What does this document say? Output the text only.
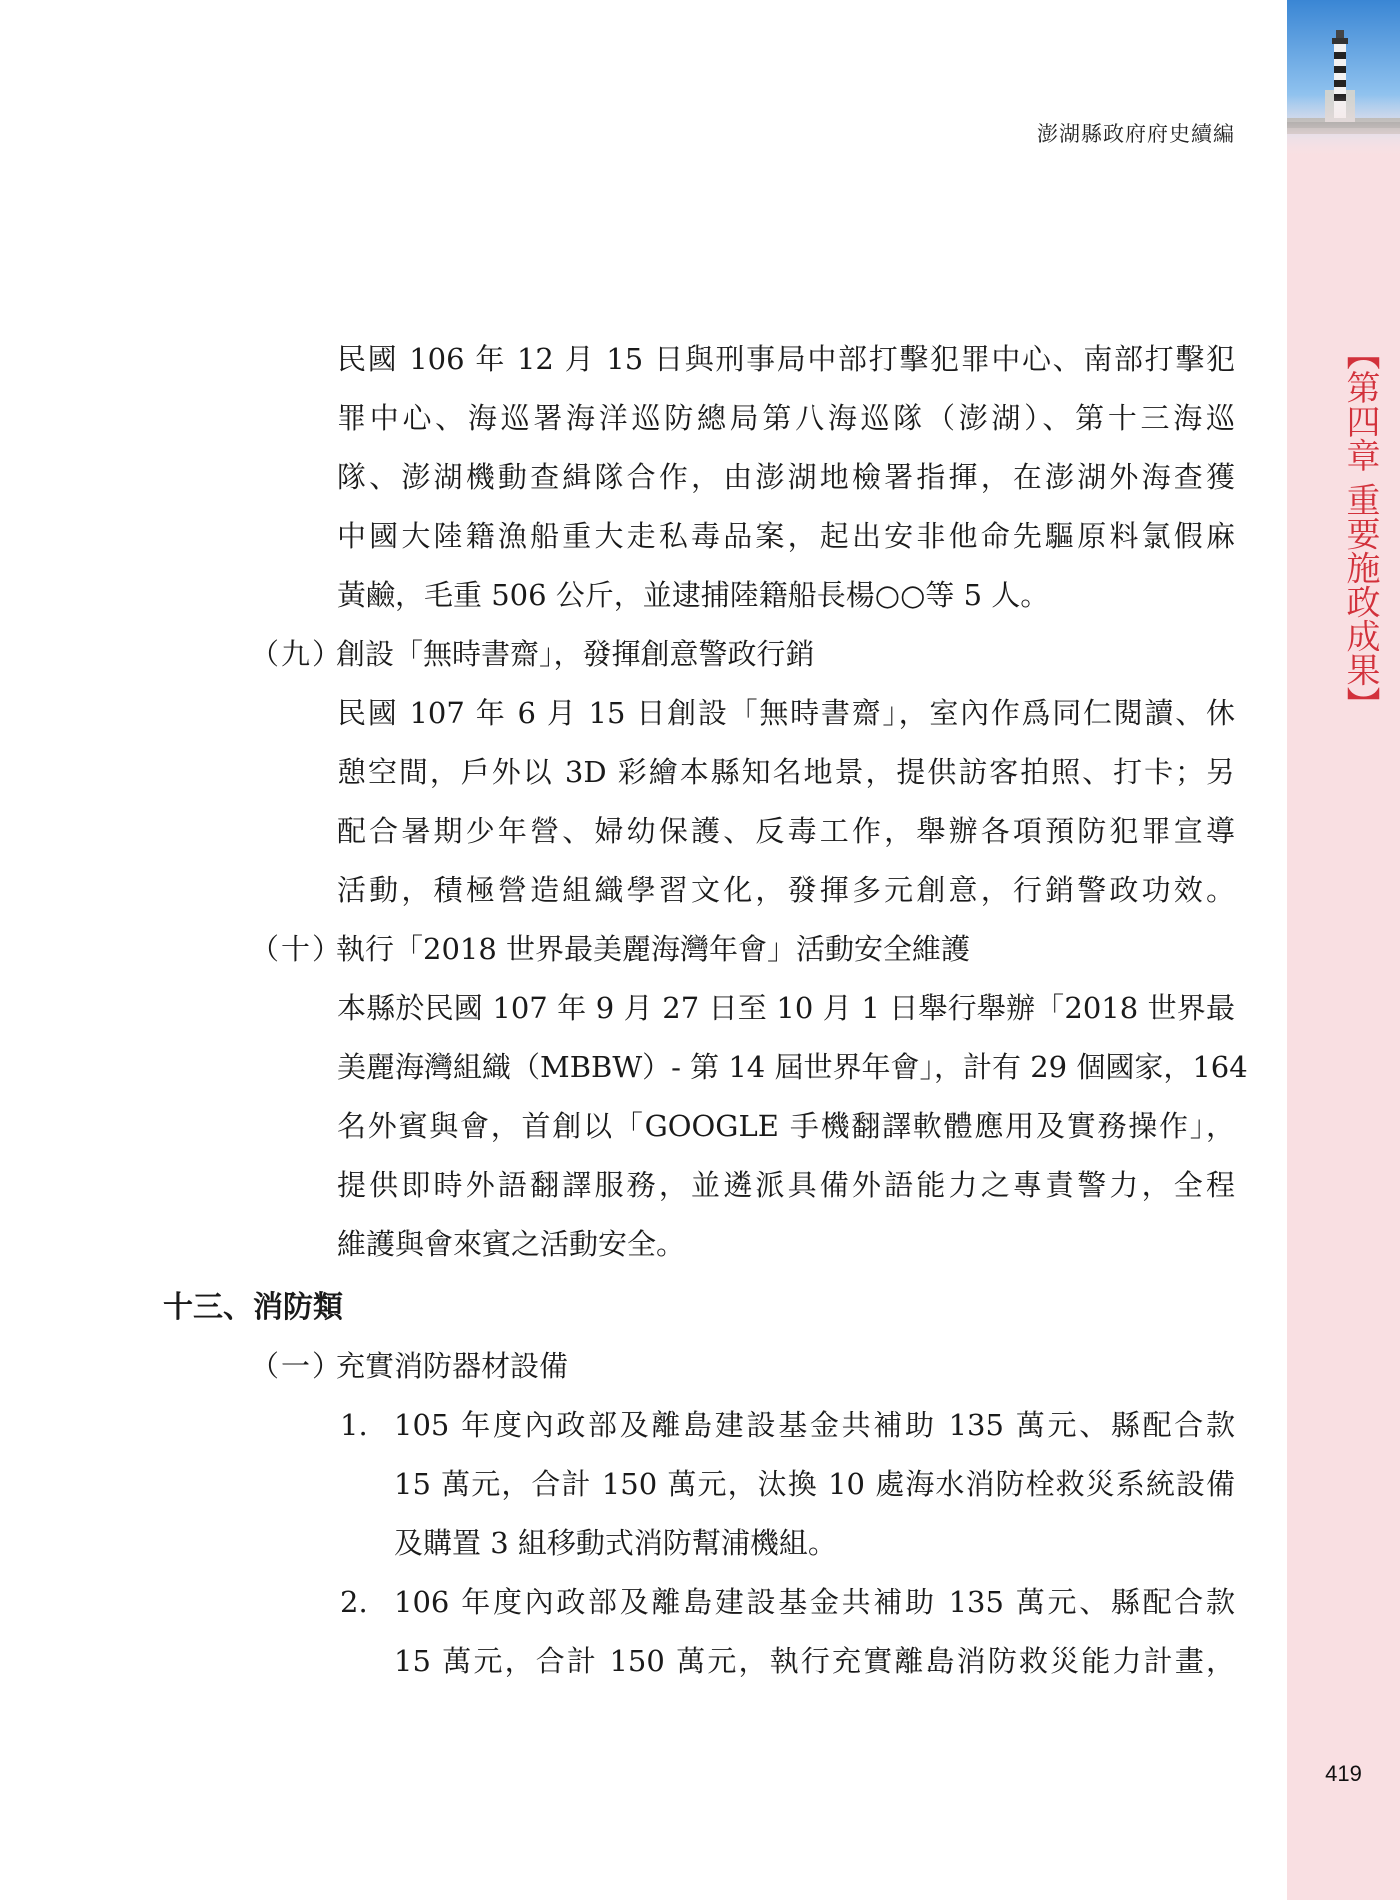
【第四章 重要施政成果】
419
澎湖縣政府府史續編
民國 106 年 12 月 15 日與刑事局中部打擊犯罪中心、南部打擊犯
罪中心、海巡署海洋巡防總局第八海巡隊（澎湖）、第十三海巡
隊、澎湖機動查緝隊合作，由澎湖地檢署指揮，在澎湖外海查獲
中國大陸籍漁船重大走私毒品案，起出安非他命先驅原料氯假麻
黃鹼，毛重 506 公斤，並逮捕陸籍船長楊○○等 5 人。
（九）創設「無時書齋」，發揮創意警政行銷
民國 107 年 6 月 15 日創設「無時書齋」，室內作爲同仁閱讀、休
憩空間，戶外以 3D 彩繪本縣知名地景，提供訪客拍照、打卡；另
配合暑期少年營、婦幼保護、反毒工作，舉辦各項預防犯罪宣導
活動，積極營造組織學習文化，發揮多元創意，行銷警政功效。
（十）執行「2018 世界最美麗海灣年會」活動安全維護
本縣於民國 107 年 9 月 27 日至 10 月 1 日舉行舉辦「2018 世界最
美麗海灣組織（MBBW）- 第 14 屆世界年會」，計有 29 個國家，164
名外賓與會，首創以「GOOGLE 手機翻譯軟體應用及實務操作」，
提供即時外語翻譯服務，並遴派具備外語能力之專責警力，全程
維護與會來賓之活動安全。
十三、消防類
（一）充實消防器材設備
1. 105 年度內政部及離島建設基金共補助 135 萬元、縣配合款
15 萬元，合計 150 萬元，汰換 10 處海水消防栓救災系統設備
及購置 3 組移動式消防幫浦機組。
2. 106 年度內政部及離島建設基金共補助 135 萬元、縣配合款
15 萬元，合計 150 萬元，執行充實離島消防救災能力計畫，
